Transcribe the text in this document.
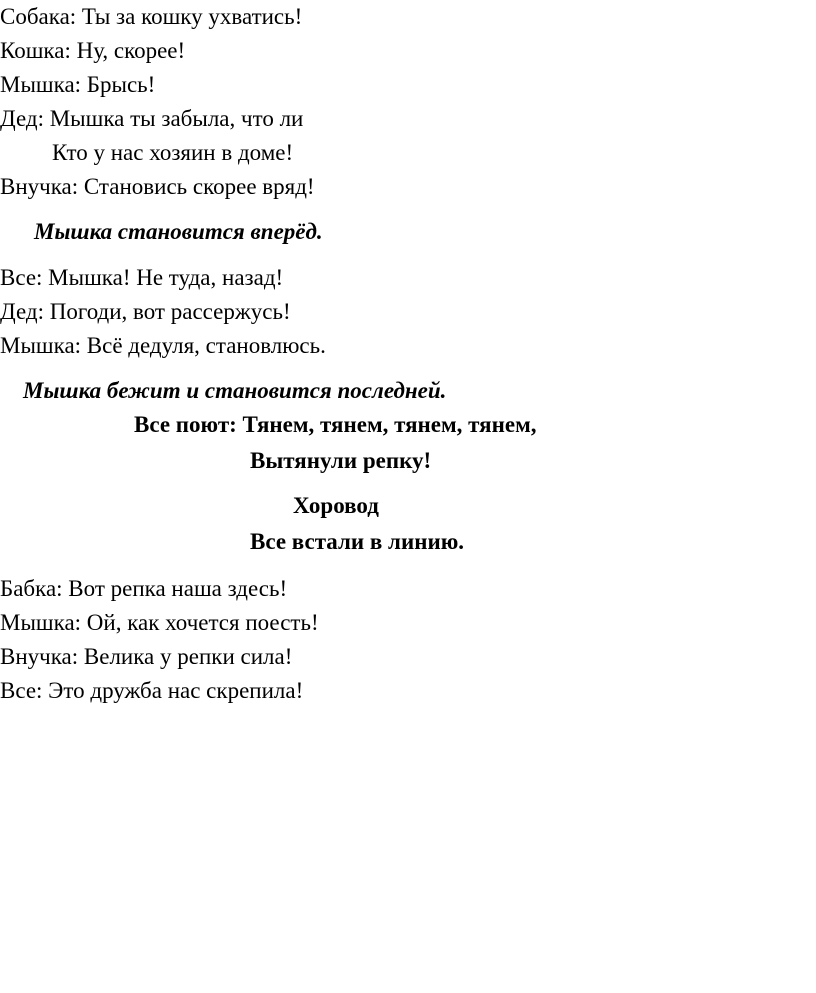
Собака: Ты за кошку ухватись!
Кошка: Ну, скорее!
Мышка: Брысь!
Дед: Мышка ты забыла, что ли
Кто у нас хозяин в доме!
Внучка: Становись скорее вряд!
Мышка становится вперёд.
Все: Мышка! Не туда, назад!
Дед: Погоди, вот рассержусь!
Мышка: Всё дедуля, становлюсь.
Мышка бежит и становится последней.
Все поют: Тянем, тянем, тянем, тянем,
Вытянули репку!
Хоровод
Все встали в линию.
Бабка: Вот репка наша здесь!
Мышка: Ой, как хочется поесть!
Внучка: Велика у репки сила!
Все: Это дружба нас скрепила!
